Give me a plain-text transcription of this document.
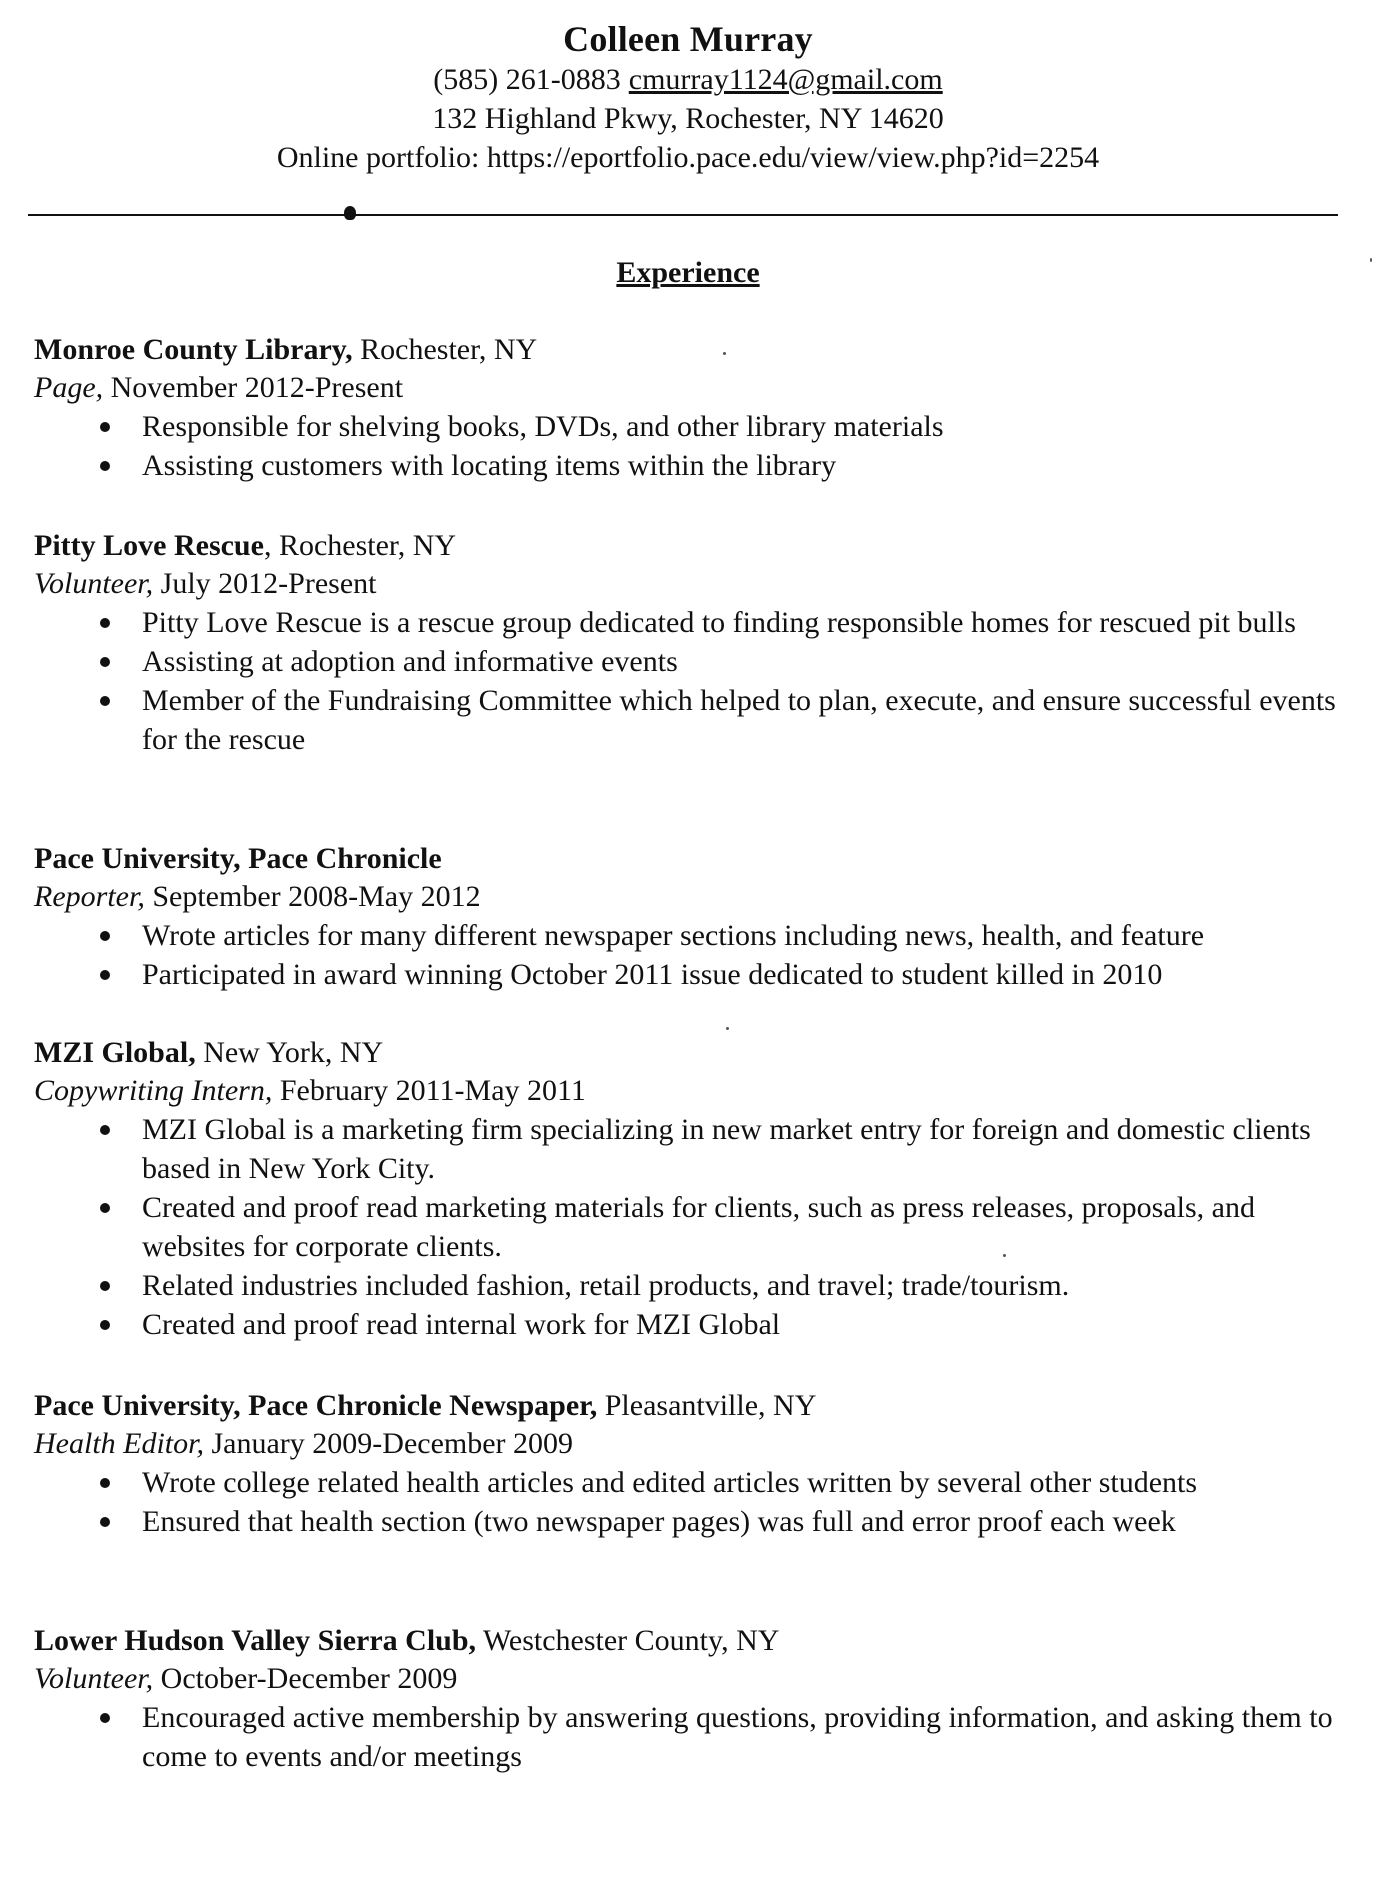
Colleen Murray
(585) 261-0883 cmurray1124@gmail.com
132 Highland Pkwy, Rochester, NY 14620
Online portfolio: https://eportfolio.pace.edu/view/view.php?id=2254
Experience
Monroe County Library, Rochester, NY
Page, November 2012-Present
Responsible for shelving books, DVDs, and other library materials
Assisting customers with locating items within the library
Pitty Love Rescue, Rochester, NY
Volunteer, July 2012-Present
Pitty Love Rescue is a rescue group dedicated to finding responsible homes for rescued pit bulls
Assisting at adoption and informative events
Member of the Fundraising Committee which helped to plan, execute, and ensure successful events for the rescue
Pace University, Pace Chronicle
Reporter, September 2008-May 2012
Wrote articles for many different newspaper sections including news, health, and feature
Participated in award winning October 2011 issue dedicated to student killed in 2010
MZI Global, New York, NY
Copywriting Intern, February 2011-May 2011
MZI Global is a marketing firm specializing in new market entry for foreign and domestic clients based in New York City.
Created and proof read marketing materials for clients, such as press releases, proposals, and websites for corporate clients.
Related industries included fashion, retail products, and travel; trade/tourism.
Created and proof read internal work for MZI Global
Pace University, Pace Chronicle Newspaper, Pleasantville, NY
Health Editor, January 2009-December 2009
Wrote college related health articles and edited articles written by several other students
Ensured that health section (two newspaper pages) was full and error proof each week
Lower Hudson Valley Sierra Club, Westchester County, NY
Volunteer, October-December 2009
Encouraged active membership by answering questions, providing information, and asking them to come to events and/or meetings
